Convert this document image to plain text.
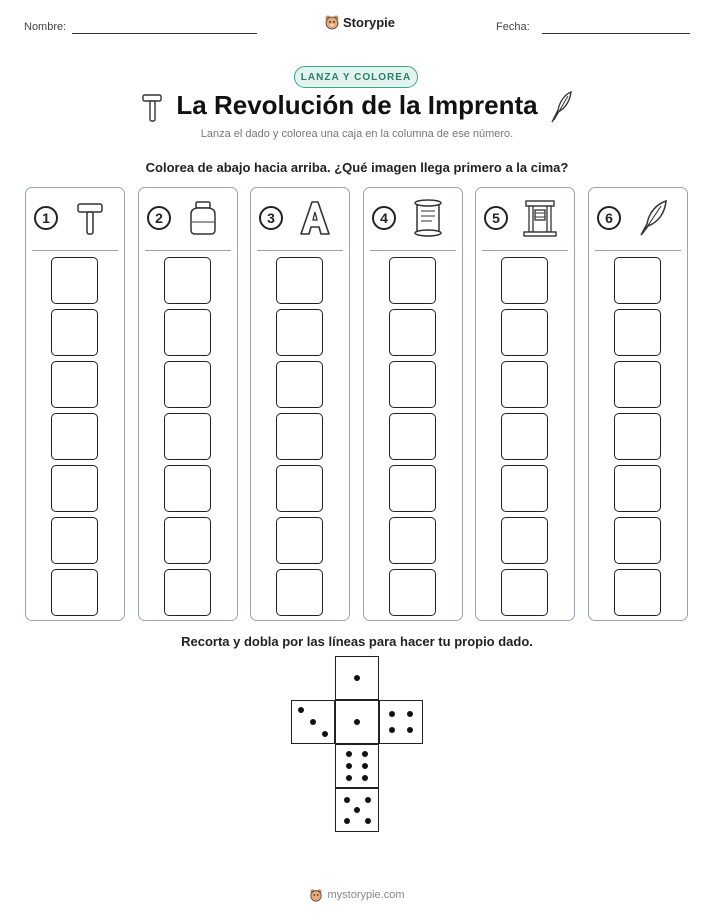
Nombre:	Storypie	Fecha:
LANZA Y COLOREA
La Revolución de la Imprenta
Lanza el dado y colorea una caja en la columna de ese número.
Colorea de abajo hacia arriba. ¿Qué imagen llega primero a la cima?
1	2	3	4	5	6
Recorta y dobla por las líneas para hacer tu propio dado.
mystorypie.com
